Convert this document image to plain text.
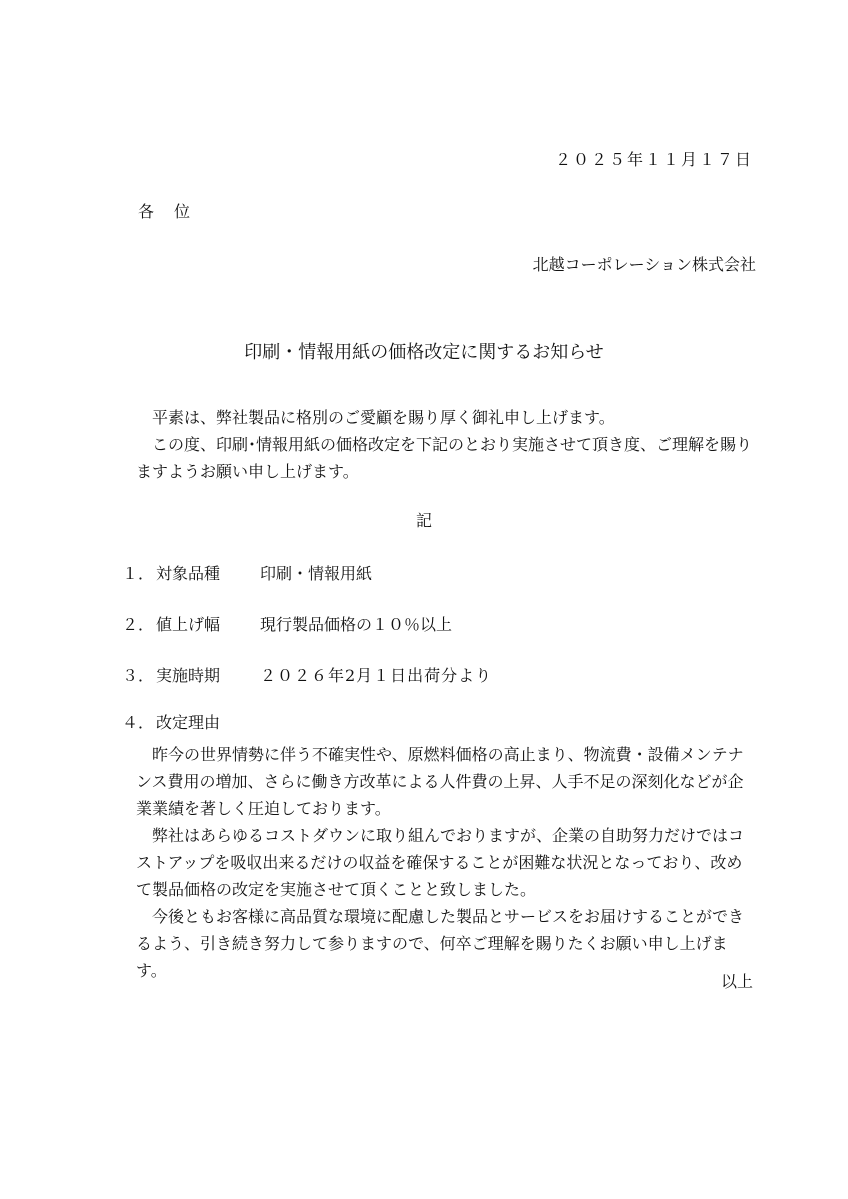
２０２５年１１月１７日
各　位
北越コーポレーション株式会社
印刷・情報用紙の価格改定に関するお知らせ

平素は、弊社製品に格別のご愛顧を賜り厚く御礼申し上げます。

この度、印刷･情報用紙の価格改定を下記のとおり実施させて頂き度、ご理解を賜りますようお願い申し上げます。

記
１． 対象品種 印刷・情報用紙
２． 値上げ幅 現行製品価格の１０％以上
３． 実施時期 ２０２６年2月１日出荷分より
４． 改定理由

昨今の世界情勢に伴う不確実性や、原燃料価格の高止まり、物流費・設備メンテナンス費用の増加、さらに働き方改革による人件費の上昇、人手不足の深刻化などが企業業績を著しく圧迫しております。

弊社はあらゆるコストダウンに取り組んでおりますが、企業の自助努力だけではコストアップを吸収出来るだけの収益を確保することが困難な状況となっており、改めて製品価格の改定を実施させて頂くことと致しました。

今後ともお客様に高品質な環境に配慮した製品とサービスをお届けすることができるよう、引き続き努力して参りますので、何卒ご理解を賜りたくお願い申し上げます。

以上
